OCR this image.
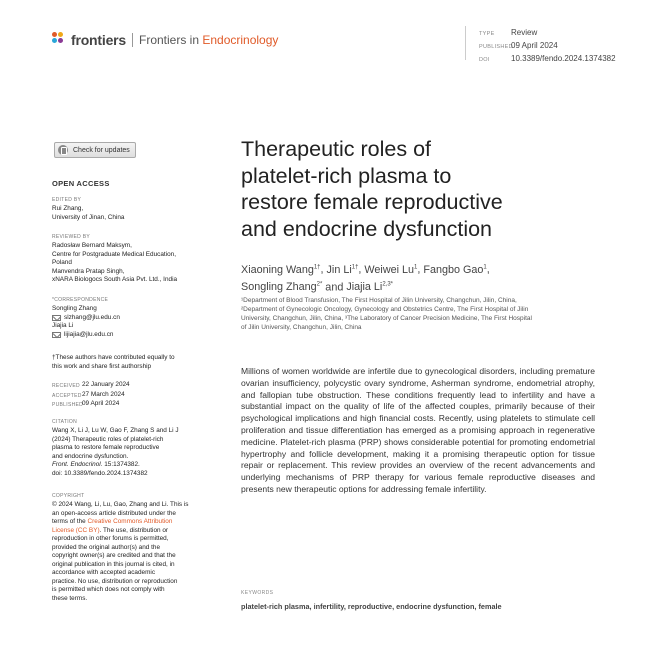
frontiers Frontiers in Endocrinology	TYPE Review
PUBLISHED09 April 2024
DOI	10.3389/fendo.2024.1374382
Check for updates
OPEN ACCESS
EDITED BY
Rui Zhang,
University of Jinan, China
REVIEWED BY
Radosław Bernard Maksym,
Centre for Postgraduate Medical Education,
Poland
Manvendra Pratap Singh,
xNARA Biologocs South Asia Pvt. Ltd., India
*CORRESPONDENCE
Songling Zhang
slzhang@jlu.edu.cn
Jiajia Li
lijiajia@jlu.edu.cn
†These authors have contributed equally to
this work and share first authorship
RECEIVED 22 January 2024
ACCEPTED 27 March 2024
PUBLISHED
09 April 2024
CITATION
Wang X, Li J, Lu W, Gao F, Zhang S and Li J
(2024) Therapeutic roles of platelet-rich
plasma to restore female reproductive
and endocrine dysfunction.
Front. Endocrinol. 15:1374382.
doi: 10.3389/fendo.2024.1374382
COPYRIGHT
© 2024 Wang, Li, Lu, Gao, Zhang and Li. This is
an open-access article distributed under the
terms of the Creative Commons Attribution
License (CC BY). The use, distribution or
reproduction in other forums is permitted,
provided the original author(s) and the
copyright owner(s) are credited and that the
original publication in this journal is cited, in
accordance with accepted academic
practice. No use, distribution or reproduction
is permitted which does not comply with
these terms.
Therapeutic roles of
platelet-rich plasma to
restore female reproductive
and endocrine dysfunction
Xiaoning Wang$^{1\dagger}$, Jin $Li^{1\dagger}$, Weiwei Lu$^1$, Fangbo Gao$^1$,
Songling Zhang$^{2*}$ and Jiajia $Li^{2,3*}$
¹Department of Blood Transfusion, The First Hospital of Jilin University, Changchun, Jilin, China,
²Department of Gynecologic Oncology, Gynecology and Obstetrics Centre, The First Hospital of Jilin
University, Changchun, Jilin, China, ³The Laboratory of Cancer Precision Medicine, The First Hospital
of Jilin University, Changchun, Jilin, China

Millions of women worldwide are infertile due to gynecological disorders, including premature ovarian insufficiency, polycystic ovary syndrome, Asherman syndrome, endometrial atrophy, and fallopian tube obstruction. These conditions frequently lead to infertility and have a substantial impact on the quality of life of the affected couples, primarily because of their psychological implications and high financial costs. Recently, using platelets to stimulate cell proliferation and tissue differentiation has emerged as a promising approach in regenerative medicine. Platelet-rich plasma (PRP) shows considerable potential for promoting endometrial hypertrophy and follicle development, making it a promising therapeutic option for tissue repair or replacement. This review provides an overview of the recent advancements and underlying mechanisms of PRP therapy for various female reproductive diseases and presents new therapeutic options for addressing female infertility.

KEYWORDS
platelet-rich plasma, infertility, reproductive, endocrine dysfunction, female
